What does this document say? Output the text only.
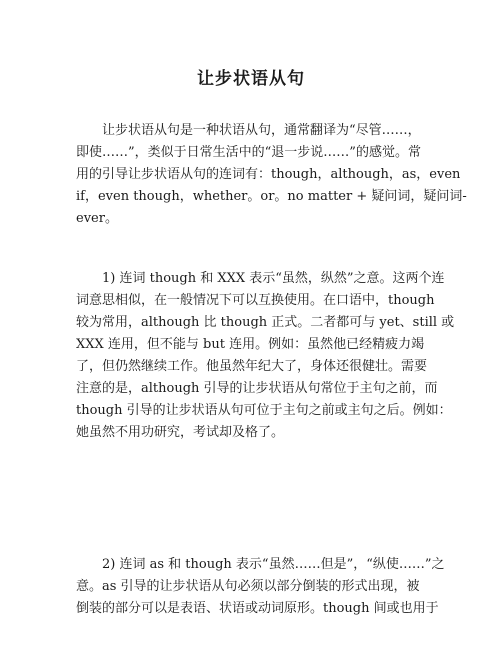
让步状语从句

让步状语从句是一种状语从句，通常翻译为“尽管……，
即使……”，类似于日常生活中的“退一步说……”的感觉。常
用的引导让步状语从句的连词有：though，although，as，even
if，even though，whether。or。no matter + 疑问词，疑问词-
ever。

1) 连词 though 和 XXX 表示“虽然，纵然”之意。这两个连
词意思相似，在一般情况下可以互换使用。在口语中，though
较为常用，although 比 though 正式。二者都可与 yet、still 或
XXX 连用，但不能与 but 连用。例如：虽然他已经精疲力竭
了，但仍然继续工作。他虽然年纪大了，身体还很健壮。需要
注意的是，although 引导的让步状语从句常位于主句之前，而
though 引导的让步状语从句可位于主句之前或主句之后。例如：
她虽然不用功研究，考试却及格了。

2) 连词 as 和 though 表示“虽然……但是”，“纵使……”之
意。as 引导的让步状语从句必须以部分倒装的形式出现，被
倒装的部分可以是表语、状语或动词原形。though 间或也用于
